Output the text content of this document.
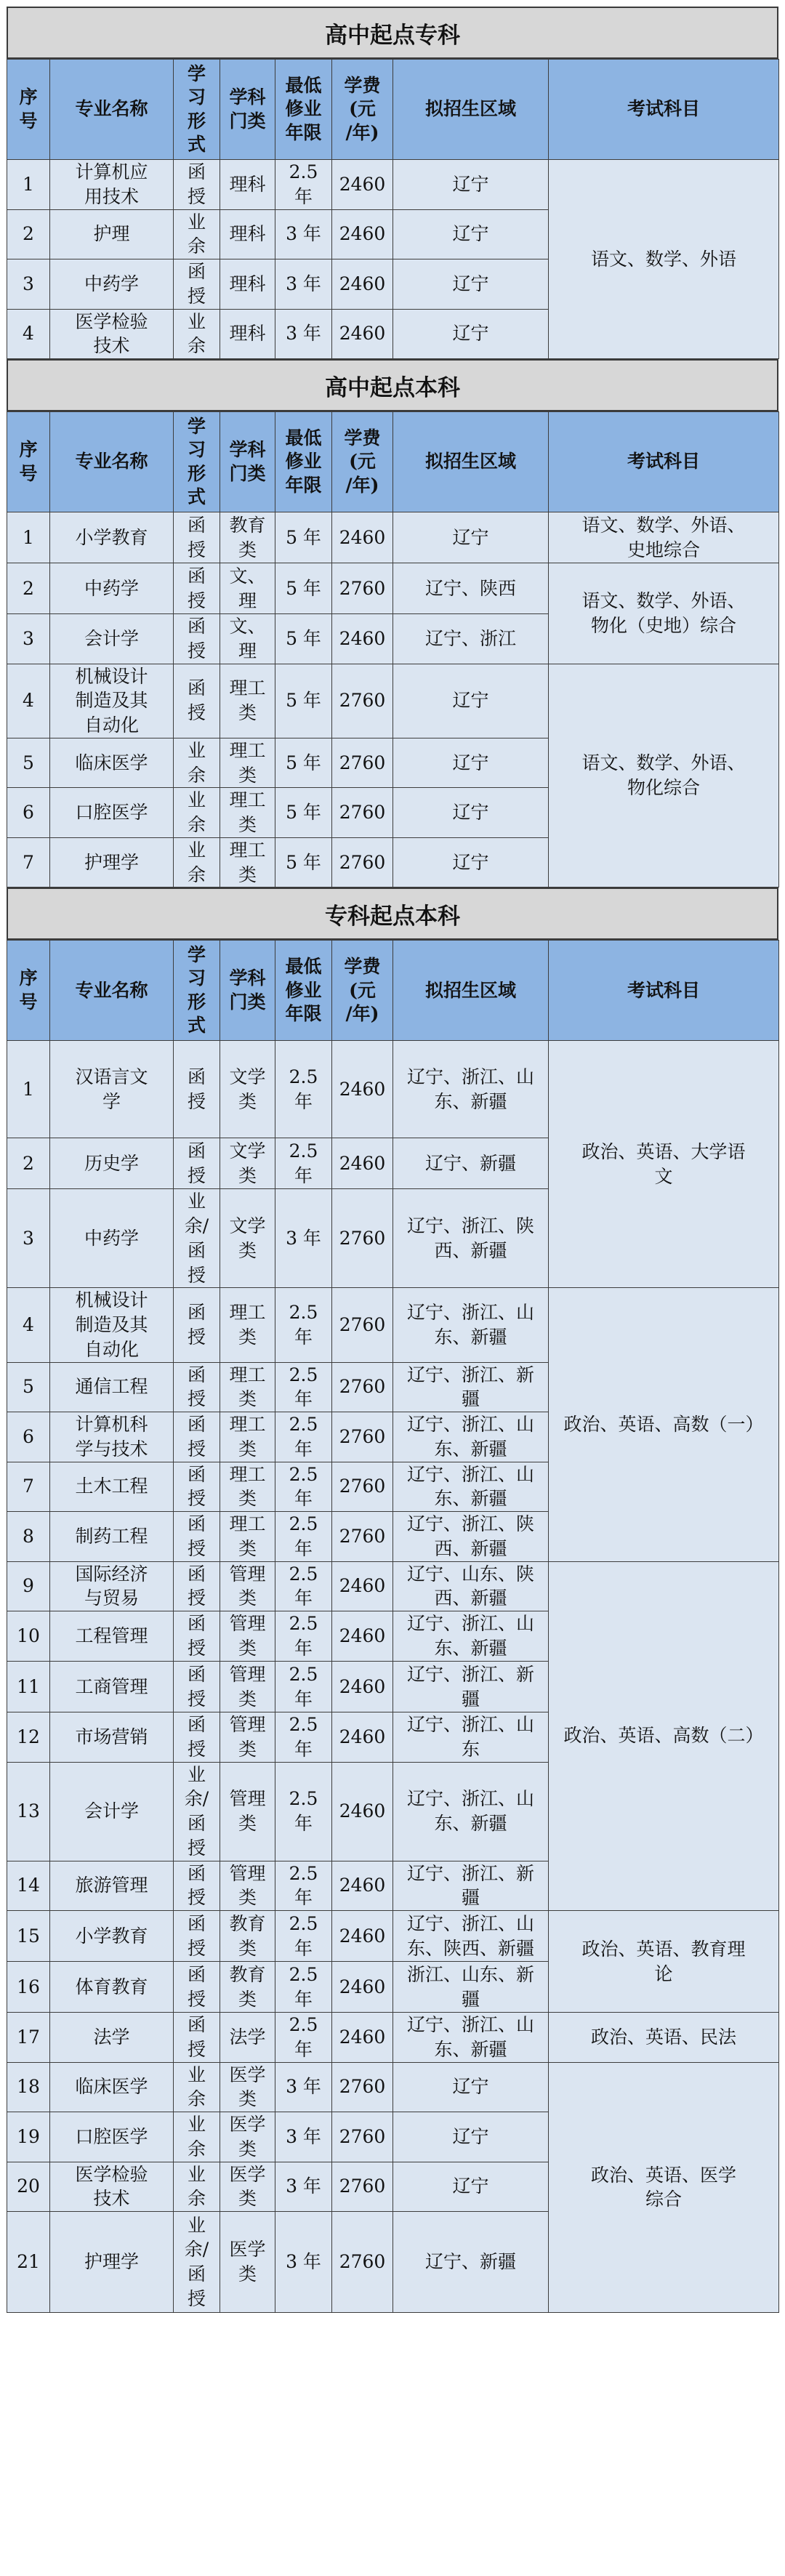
高中起点专科
序
号	专业名称	学
习
形
式	学科
门类	最低
修业
年限	学费
(元
/年)	拟招生区域	考试科目
1	计算机应
用技术	函
授	理科	2.5
年	2460	辽宁	语文、数学、外语
2	护理	业
余	理科	3 年	2460	辽宁	
3	中药学	函
授	理科	3 年	2460	辽宁	
4	医学检验
技术	业
余	理科	3 年	2460	辽宁	
高中起点本科
序
号	专业名称	学
习
形
式	学科
门类	最低
修业
年限	学费
(元
/年)	拟招生区域	考试科目
1	小学教育	函
授	教育
类	5 年	2460	辽宁	语文、数学、外语、
史地综合
2	中药学	函
授	文、
理	5 年	2760	辽宁、陕西	语文、数学、外语、
物化（史地）综合
3	会计学	函
授	文、
理	5 年	2460	辽宁、浙江	
4	机械设计
制造及其
自动化	函
授	理工
类	5 年	2760	辽宁	语文、数学、外语、
物化综合
5	临床医学	业
余	理工
类	5 年	2760	辽宁	
6	口腔医学	业
余	理工
类	5 年	2760	辽宁	
7	护理学	业
余	理工
类	5 年	2760	辽宁	
专科起点本科
序
号	专业名称	学
习
形
式	学科
门类	最低
修业
年限	学费
(元
/年)	拟招生区域	考试科目
1	汉语言文
学	函
授	文学
类	2.5
年	2460	辽宁、浙江、山
东、新疆	政治、英语、大学语
文
2	历史学	函
授	文学
类	2.5
年	2460	辽宁、新疆	
3	中药学	业
余/
函
授	文学
类	3 年	2760	辽宁、浙江、陕
西、新疆	
4	机械设计
制造及其
自动化	函
授	理工
类	2.5
年	2760	辽宁、浙江、山
东、新疆	政治、英语、高数（一）
5	通信工程	函
授	理工
类	2.5
年	2760	辽宁、浙江、新
疆	
6	计算机科
学与技术	函
授	理工
类	2.5
年	2760	辽宁、浙江、山
东、新疆	
7	土木工程	函
授	理工
类	2.5
年	2760	辽宁、浙江、山
东、新疆	
8	制药工程	函
授	理工
类	2.5
年	2760	辽宁、浙江、陕
西、新疆	
9	国际经济
与贸易	函
授	管理
类	2.5
年	2460	辽宁、山东、陕
西、新疆	政治、英语、高数（二）
10	工程管理	函
授	管理
类	2.5
年	2460	辽宁、浙江、山
东、新疆	
11	工商管理	函
授	管理
类	2.5
年	2460	辽宁、浙江、新
疆	
12	市场营销	函
授	管理
类	2.5
年	2460	辽宁、浙江、山
东	
13	会计学	业
余/
函
授	管理
类	2.5
年	2460	辽宁、浙江、山
东、新疆	
14	旅游管理	函
授	管理
类	2.5
年	2460	辽宁、浙江、新
疆	
15	小学教育	函
授	教育
类	2.5
年	2460	辽宁、浙江、山
东、陕西、新疆	政治、英语、教育理
论
16	体育教育	函
授	教育
类	2.5
年	2460	浙江、山东、新
疆	
17	法学	函
授	法学	2.5
年	2460	辽宁、浙江、山
东、新疆	政治、英语、民法
18	临床医学	业
余	医学
类	3 年	2760	辽宁	政治、英语、医学
综合
19	口腔医学	业
余	医学
类	3 年	2760	辽宁	
20	医学检验
技术	业
余	医学
类	3 年	2760	辽宁	
21	护理学	业
余/
函
授	医学
类	3 年	2760	辽宁、新疆	
